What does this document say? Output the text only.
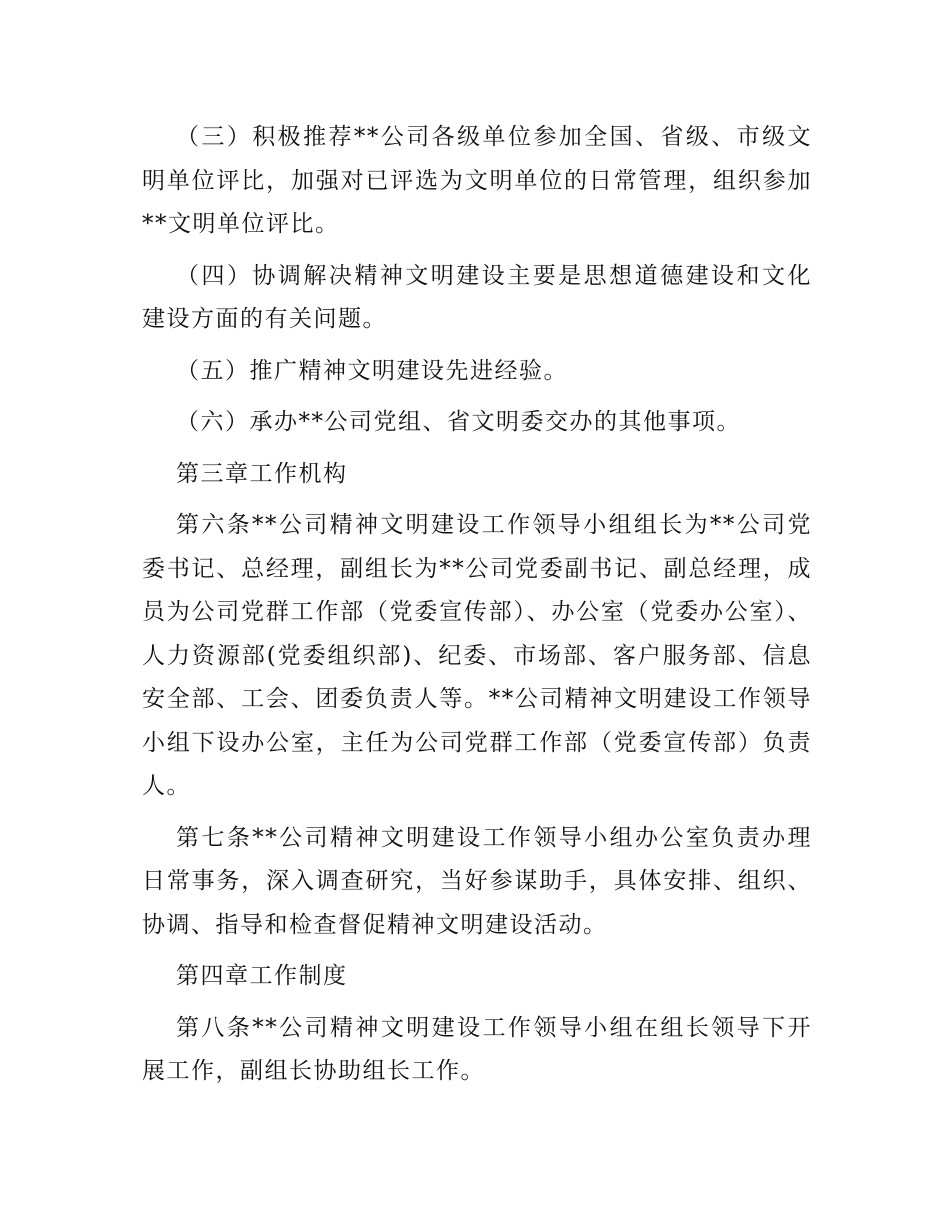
（三）积极推荐**公司各级单位参加全国、省级、市级文明单位评比，加强对已评选为文明单位的日常管理，组织参加**文明单位评比。

（四）协调解决精神文明建设主要是思想道德建设和文化建设方面的有关问题。

（五）推广精神文明建设先进经验。

（六）承办**公司党组、省文明委交办的其他事项。

第三章工作机构

第六条**公司精神文明建设工作领导小组组长为**公司党委书记、总经理，副组长为**公司党委副书记、副总经理，成员为公司党群工作部（党委宣传部）、办公室（党委办公室）、人力资源部(党委组织部)、纪委、市场部、客户服务部、信息安全部、工会、团委负责人等。**公司精神文明建设工作领导小组下设办公室，主任为公司党群工作部（党委宣传部）负责人。

第七条**公司精神文明建设工作领导小组办公室负责办理日常事务，深入调查研究，当好参谋助手，具体安排、组织、协调、指导和检查督促精神文明建设活动。

第四章工作制度

第八条**公司精神文明建设工作领导小组在组长领导下开展工作，副组长协助组长工作。
